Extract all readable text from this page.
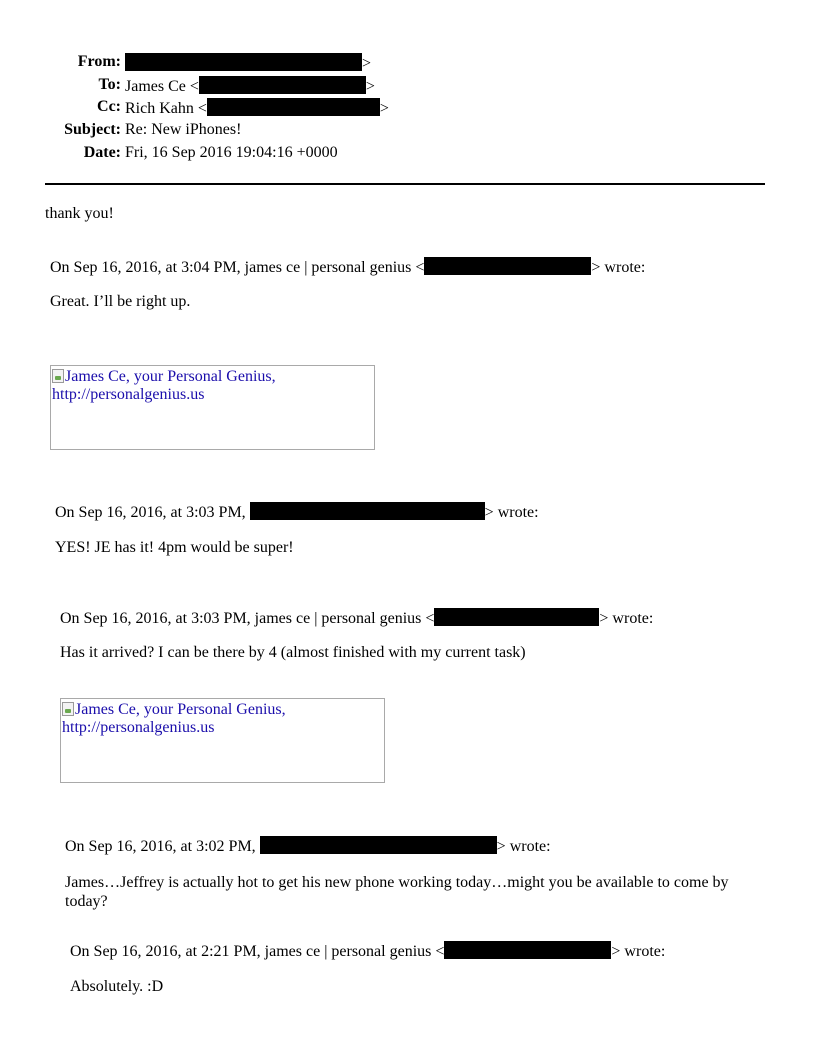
From:	>
To: James Ce <	>
Cc: Rich Kahn <	>
Subject: Re: New iPhones!
Date: Fri, 16 Sep 2016 19:04:16 +0000
thank you!
On Sep 16, 2016, at 3:04 PM, james ce | personal genius <	> wrote:
Great. I’ll be right up.
James Ce, your Personal Genius, http://personalgenius.us
On Sep 16, 2016, at 3:03 PM,	> wrote:
YES! JE has it! 4pm would be super!
On Sep 16, 2016, at 3:03 PM, james ce | personal genius <	> wrote:
Has it arrived? I can be there by 4 (almost finished with my current task)
James Ce, your Personal Genius, http://personalgenius.us
On Sep 16, 2016, at 3:02 PM,	> wrote:
James…Jeffrey is actually hot to get his new phone working today…might you be available to come by today?
On Sep 16, 2016, at 2:21 PM, james ce | personal genius <	> wrote:
Absolutely. :D
